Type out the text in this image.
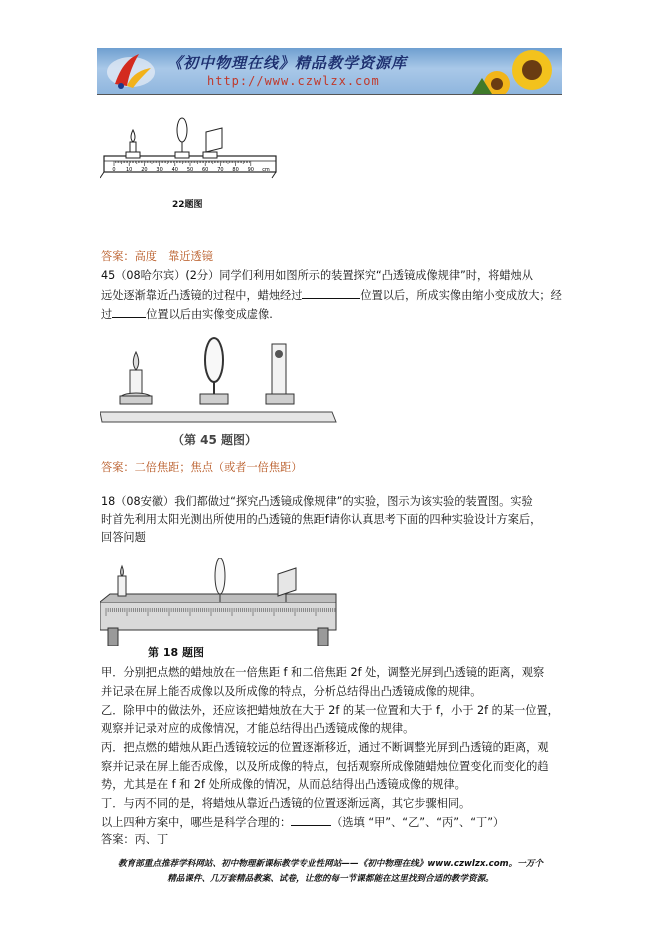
《初中物理在线》精品教学资源库
http://www.czwlzx.com
0 10 20 30 40 50 60 70 80 90 cm
22题图
答案：高度　靠近透镜
45（08哈尔宾）(2分）同学们利用如图所示的装置探究“凸透镜成像规律”时，将蜡烛从
远处逐渐靠近凸透镜的过程中，蜡烛经过	位置以后，所成实像由缩小变成放大；经
过	位置以后由实像变成虚像.
（第 45 题图）
答案：二倍焦距；焦点（或者一倍焦距）
18（08安徽）我们都做过“探究凸透镜成像规律”的实验，图示为该实验的装置图。实验
时首先利用太阳光测出所使用的凸透镜的焦距f请你认真思考下面的四种实验设计方案后，
回答问题
第 18 题图
甲．分别把点燃的蜡烛放在一倍焦距 f 和二倍焦距 2f 处，调整光屏到凸透镜的距离，观察
并记录在屏上能否成像以及所成像的特点，分析总结得出凸透镜成像的规律。
乙．除甲中的做法外，还应该把蜡烛放在大于 2f 的某一位置和大于 f，小于 2f 的某一位置，
观察并记录对应的成像情况，才能总结得出凸透镜成像的规律。
丙．把点燃的蜡烛从距凸透镜较远的位置逐渐移近，通过不断调整光屏到凸透镜的距离，观
察并记录在屏上能否成像，以及所成像的特点，包括观察所成像随蜡烛位置变化而变化的趋
势，尤其是在 f 和 2f 处所成像的情况，从而总结得出凸透镜成像的规律。
丁．与丙不同的是，将蜡烛从靠近凸透镜的位置逐渐远离，其它步骤相同。
以上四种方案中，哪些是科学合理的：	（选填 “甲”、“乙”、“丙”、“丁”）
答案：丙、丁
教育部重点推荐学科网站、初中物理新课标教学专业性网站——《初中物理在线》www.czwlzx.com。一万个
精品课件、几万套精品教案、试卷，让您的每一节课都能在这里找到合适的教学资源。
